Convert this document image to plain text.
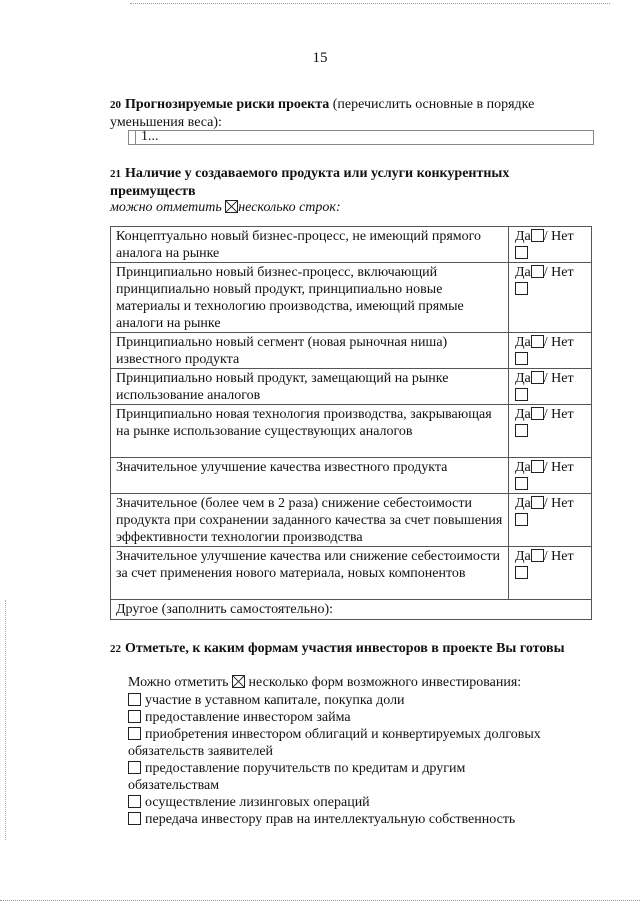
15
20 Прогнозируемые риски проекта (перечислить основные в порядке уменьшения веса):
1...
21 Наличие у создаваемого продукта или услуги конкурентных преимуществ
можно отметить несколько строк:
Концептуально новый бизнес-процесс, не имеющий прямого аналога на рынке	Да / Нет

Принципиально новый бизнес-процесс, включающий принципиально новый продукт, принципиально новые материалы и технологию производства, имеющий прямые аналоги на рынке	Да / Нет

Принципиально новый сегмент (новая рыночная ниша) известного продукта	Да / Нет

Принципиально новый продукт, замещающий на рынке использование аналогов	Да / Нет

Принципиально новая технология производства, закрывающая на рынке использование существующих аналогов	Да / Нет

Значительное улучшение качества известного продукта	Да / Нет

Значительное (более чем в 2 раза) снижение себестоимости продукта при сохранении заданного качества за счет повышения эффективности технологии производства	Да / Нет

Значительное улучшение качества или снижение себестоимости за счет применения нового материала, новых компонентов	Да / Нет

Другое (заполнить самостоятельно):	
22 Отметьте, к каким формам участия инвесторов в проекте Вы готовы
Можно отметить несколько форм возможного инвестирования:
участие в уставном капитале, покупка доли
предоставление инвестором займа
приобретения инвестором облигаций и конвертируемых долговых
обязательств заявителей
предоставление поручительств по кредитам и другим
обязательствам
осуществление лизинговых операций
передача инвестору прав на интеллектуальную собственность
